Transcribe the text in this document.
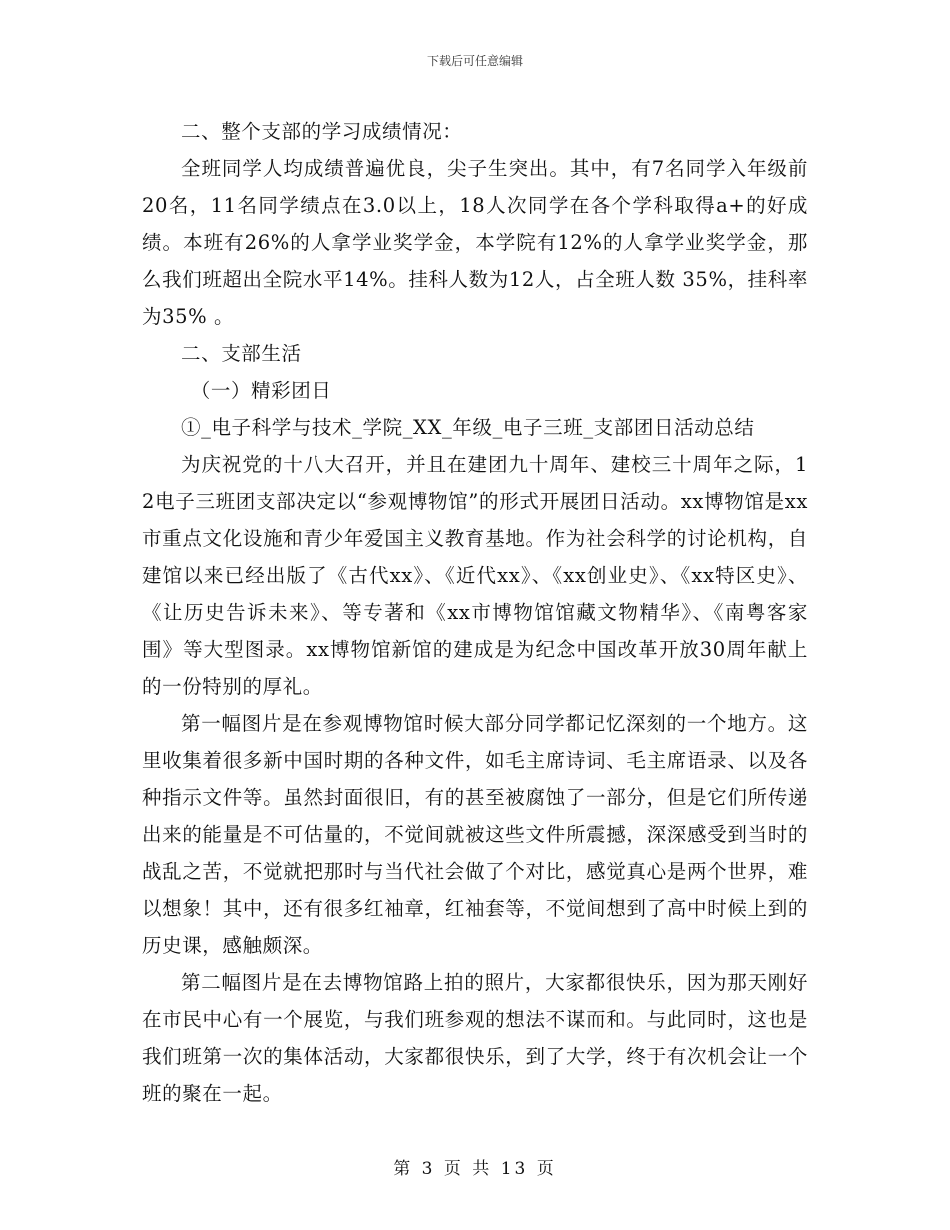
下载后可任意编辑

二、整个支部的学习成绩情况：

全班同学人均成绩普遍优良，尖子生突出。其中，有7名同学入年级前20名，11名同学绩点在3.0以上，18人次同学在各个学科取得a+的好成绩。本班有26%的人拿学业奖学金，本学院有12%的人拿学业奖学金，那么我们班超出全院水平14%。挂科人数为12人，占全班人数 35%，挂科率为35% 。

二、支部生活

（一）精彩团日

①_电子科学与技术_学院_XX_年级_电子三班_支部团日活动总结

为庆祝党的十八大召开，并且在建团九十周年、建校三十周年之际，12电子三班团支部决定以“参观博物馆”的形式开展团日活动。xx博物馆是xx市重点文化设施和青少年爱国主义教育基地。作为社会科学的讨论机构，自建馆以来已经出版了《古代xx》、《近代xx》、《xx创业史》、《xx特区史》、《让历史告诉未来》、等专著和《xx市博物馆馆藏文物精华》、《南粤客家围》等大型图录。xx博物馆新馆的建成是为纪念中国改革开放30周年献上的一份特别的厚礼。

第一幅图片是在参观博物馆时候大部分同学都记忆深刻的一个地方。这里收集着很多新中国时期的各种文件，如毛主席诗词、毛主席语录、以及各种指示文件等。虽然封面很旧，有的甚至被腐蚀了一部分，但是它们所传递出来的能量是不可估量的，不觉间就被这些文件所震撼，深深感受到当时的战乱之苦，不觉就把那时与当代社会做了个对比，感觉真心是两个世界，难以想象！其中，还有很多红袖章，红袖套等，不觉间想到了高中时候上到的历史课，感触颇深。

第二幅图片是在去博物馆路上拍的照片，大家都很快乐，因为那天刚好在市民中心有一个展览，与我们班参观的想法不谋而和。与此同时，这也是我们班第一次的集体活动，大家都很快乐，到了大学，终于有次机会让一个班的聚在一起。

第 3 页 共 13 页
